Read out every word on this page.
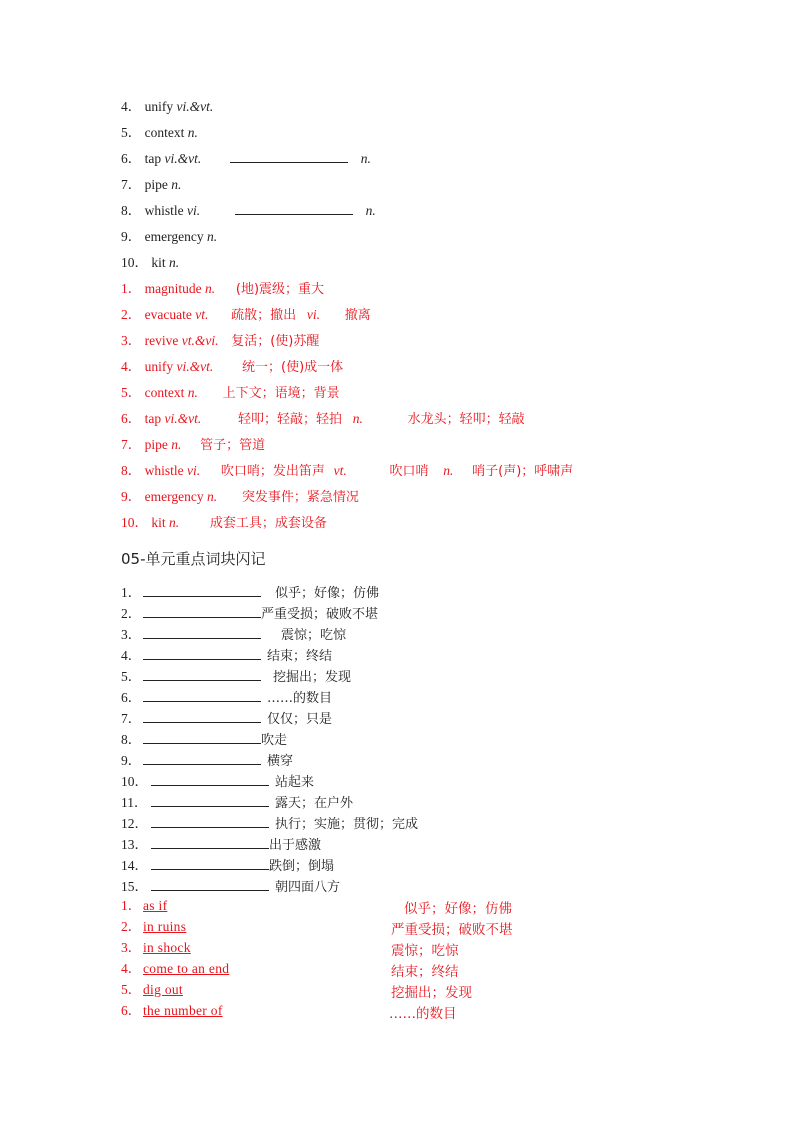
4． unify vi.&vt.
5． context n.
6． tap vi.&vt.	n.
7． pipe n.
8． whistle vi.	n.
9． emergency n.
10． kit n.
1． magnitude n. (地)震级；重大
2． evacuate vt. 疏散；撤出 vi. 撤离
3． revive vt.&vi. 复活；(使)苏醒
4． unify vi.&vt. 统一；(使)成一体
5． context n. 上下文；语境；背景
6． tap vi.&vt.	轻叩；轻敲；轻拍 n.	水龙头；轻叩；轻敲
7． pipe n. 管子；管道
8． whistle vi. 吹口哨；发出笛声 vt.	吹口哨 n. 哨子(声)；呼啸声
9． emergency n. 突发事件；紧急情况
10． kit n. 成套工具；成套设备
05-单元重点词块闪记
1．	似乎；好像；仿佛
2．	严重受损；破败不堪
3．	震惊；吃惊
4．	结束；终结
5．	挖掘出；发现
6．	……的数目
7．	仅仅；只是
8．	吹走
9．	横穿
10．	站起来
11．	露天；在户外
12．	执行；实施；贯彻；完成
13．	出于感激
14．	跌倒；倒塌
15．	朝四面八方
1． as if	似乎；好像；仿佛
2． in ruins	严重受损；破败不堪
3． in shock	震惊；吃惊
4． come to an end	结束；终结
5． dig out	挖掘出；发现
6． the number of	……的数目
